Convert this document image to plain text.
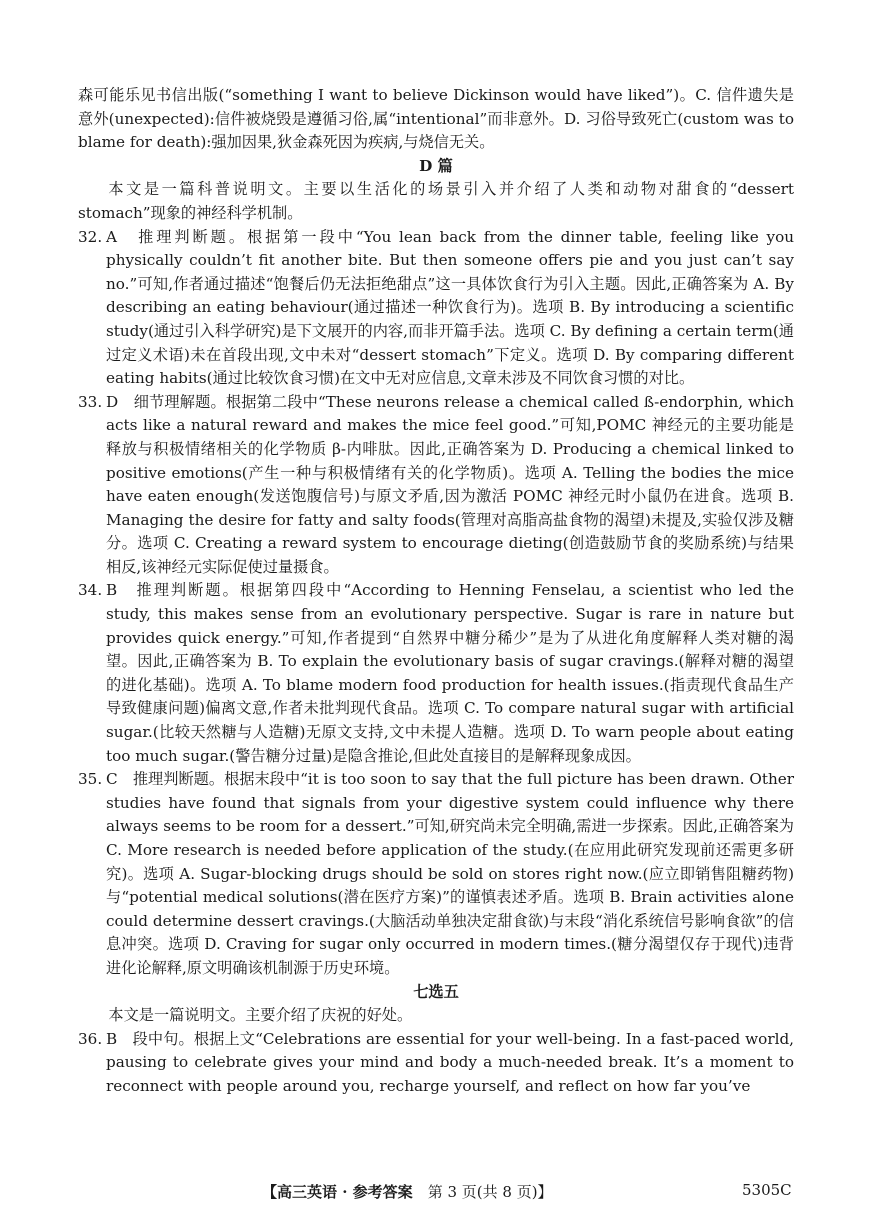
森可能乐见书信出版(“something I want to believe Dickinson would have liked”)。C. 信件遗失是意外(unexpected):信件被烧毁是遵循习俗,属“intentional”而非意外。D. 习俗导致死亡(custom was to blame for death):强加因果,狄金森死因为疾病,与烧信无关。

D 篇

本文是一篇科普说明文。主要以生活化的场景引入并介绍了人类和动物对甜食的“dessert stomach”现象的神经科学机制。

32. A　推理判断题。根据第一段中“You lean back from the dinner table, feeling like you physically couldn’t fit another bite. But then someone offers pie and you just can’t say no.”可知,作者通过描述“饱餐后仍无法拒绝甜点”这一具体饮食行为引入主题。因此,正确答案为 A. By describing an eating behaviour(通过描述一种饮食行为)。选项 B. By introducing a scientific study(通过引入科学研究)是下文展开的内容,而非开篇手法。选项 C. By defining a certain term(通过定义术语)未在首段出现,文中未对“dessert stomach”下定义。选项 D. By comparing different eating habits(通过比较饮食习惯)在文中无对应信息,文章未涉及不同饮食习惯的对比。
33. D　细节理解题。根据第二段中“These neurons release a chemical called ß-endorphin, which acts like a natural reward and makes the mice feel good.”可知,POMC 神经元的主要功能是释放与积极情绪相关的化学物质 β-内啡肽。因此,正确答案为 D. Producing a chemical linked to positive emotions(产生一种与积极情绪有关的化学物质)。选项 A. Telling the bodies the mice have eaten enough(发送饱腹信号)与原文矛盾,因为激活 POMC 神经元时小鼠仍在进食。选项 B. Managing the desire for fatty and salty foods(管理对高脂高盐食物的渴望)未提及,实验仅涉及糖分。选项 C. Creating a reward system to encourage dieting(创造鼓励节食的奖励系统)与结果相反,该神经元实际促使过量摄食。
34. B　推理判断题。根据第四段中“According to Henning Fenselau, a scientist who led the study, this makes sense from an evolutionary perspective. Sugar is rare in nature but provides quick energy.”可知,作者提到“自然界中糖分稀少”是为了从进化角度解释人类对糖的渴望。因此,正确答案为 B. To explain the evolutionary basis of sugar cravings.(解释对糖的渴望的进化基础)。选项 A. To blame modern food production for health issues.(指责现代食品生产导致健康问题)偏离文意,作者未批判现代食品。选项 C. To compare natural sugar with artificial sugar.(比较天然糖与人造糖)无原文支持,文中未提人造糖。选项 D. To warn people about eating too much sugar.(警告糖分过量)是隐含推论,但此处直接目的是解释现象成因。
35. C　推理判断题。根据末段中“it is too soon to say that the full picture has been drawn. Other studies have found that signals from your digestive system could influence why there always seems to be room for a dessert.”可知,研究尚未完全明确,需进一步探索。因此,正确答案为 C. More research is needed before application of the study.(在应用此研究发现前还需更多研究)。选项 A. Sugar-blocking drugs should be sold on stores right now.(应立即销售阻糖药物)与“potential medical solutions(潜在医疗方案)”的谨慎表述矛盾。选项 B. Brain activities alone could determine dessert cravings.(大脑活动单独决定甜食欲)与末段“消化系统信号影响食欲”的信息冲突。选项 D. Craving for sugar only occurred in modern times.(糖分渴望仅存于现代)违背进化论解释,原文明确该机制源于历史环境。

七选五

本文是一篇说明文。主要介绍了庆祝的好处。

36. B　段中句。根据上文“Celebrations are essential for your well-being. In a fast-paced world, pausing to celebrate gives your mind and body a much-needed break. It’s a moment to reconnect with people around you, recharge yourself, and reflect on how far you’ve
【高三英语 · 参考答案　 第 3 页(共 8 页)】	5305C
